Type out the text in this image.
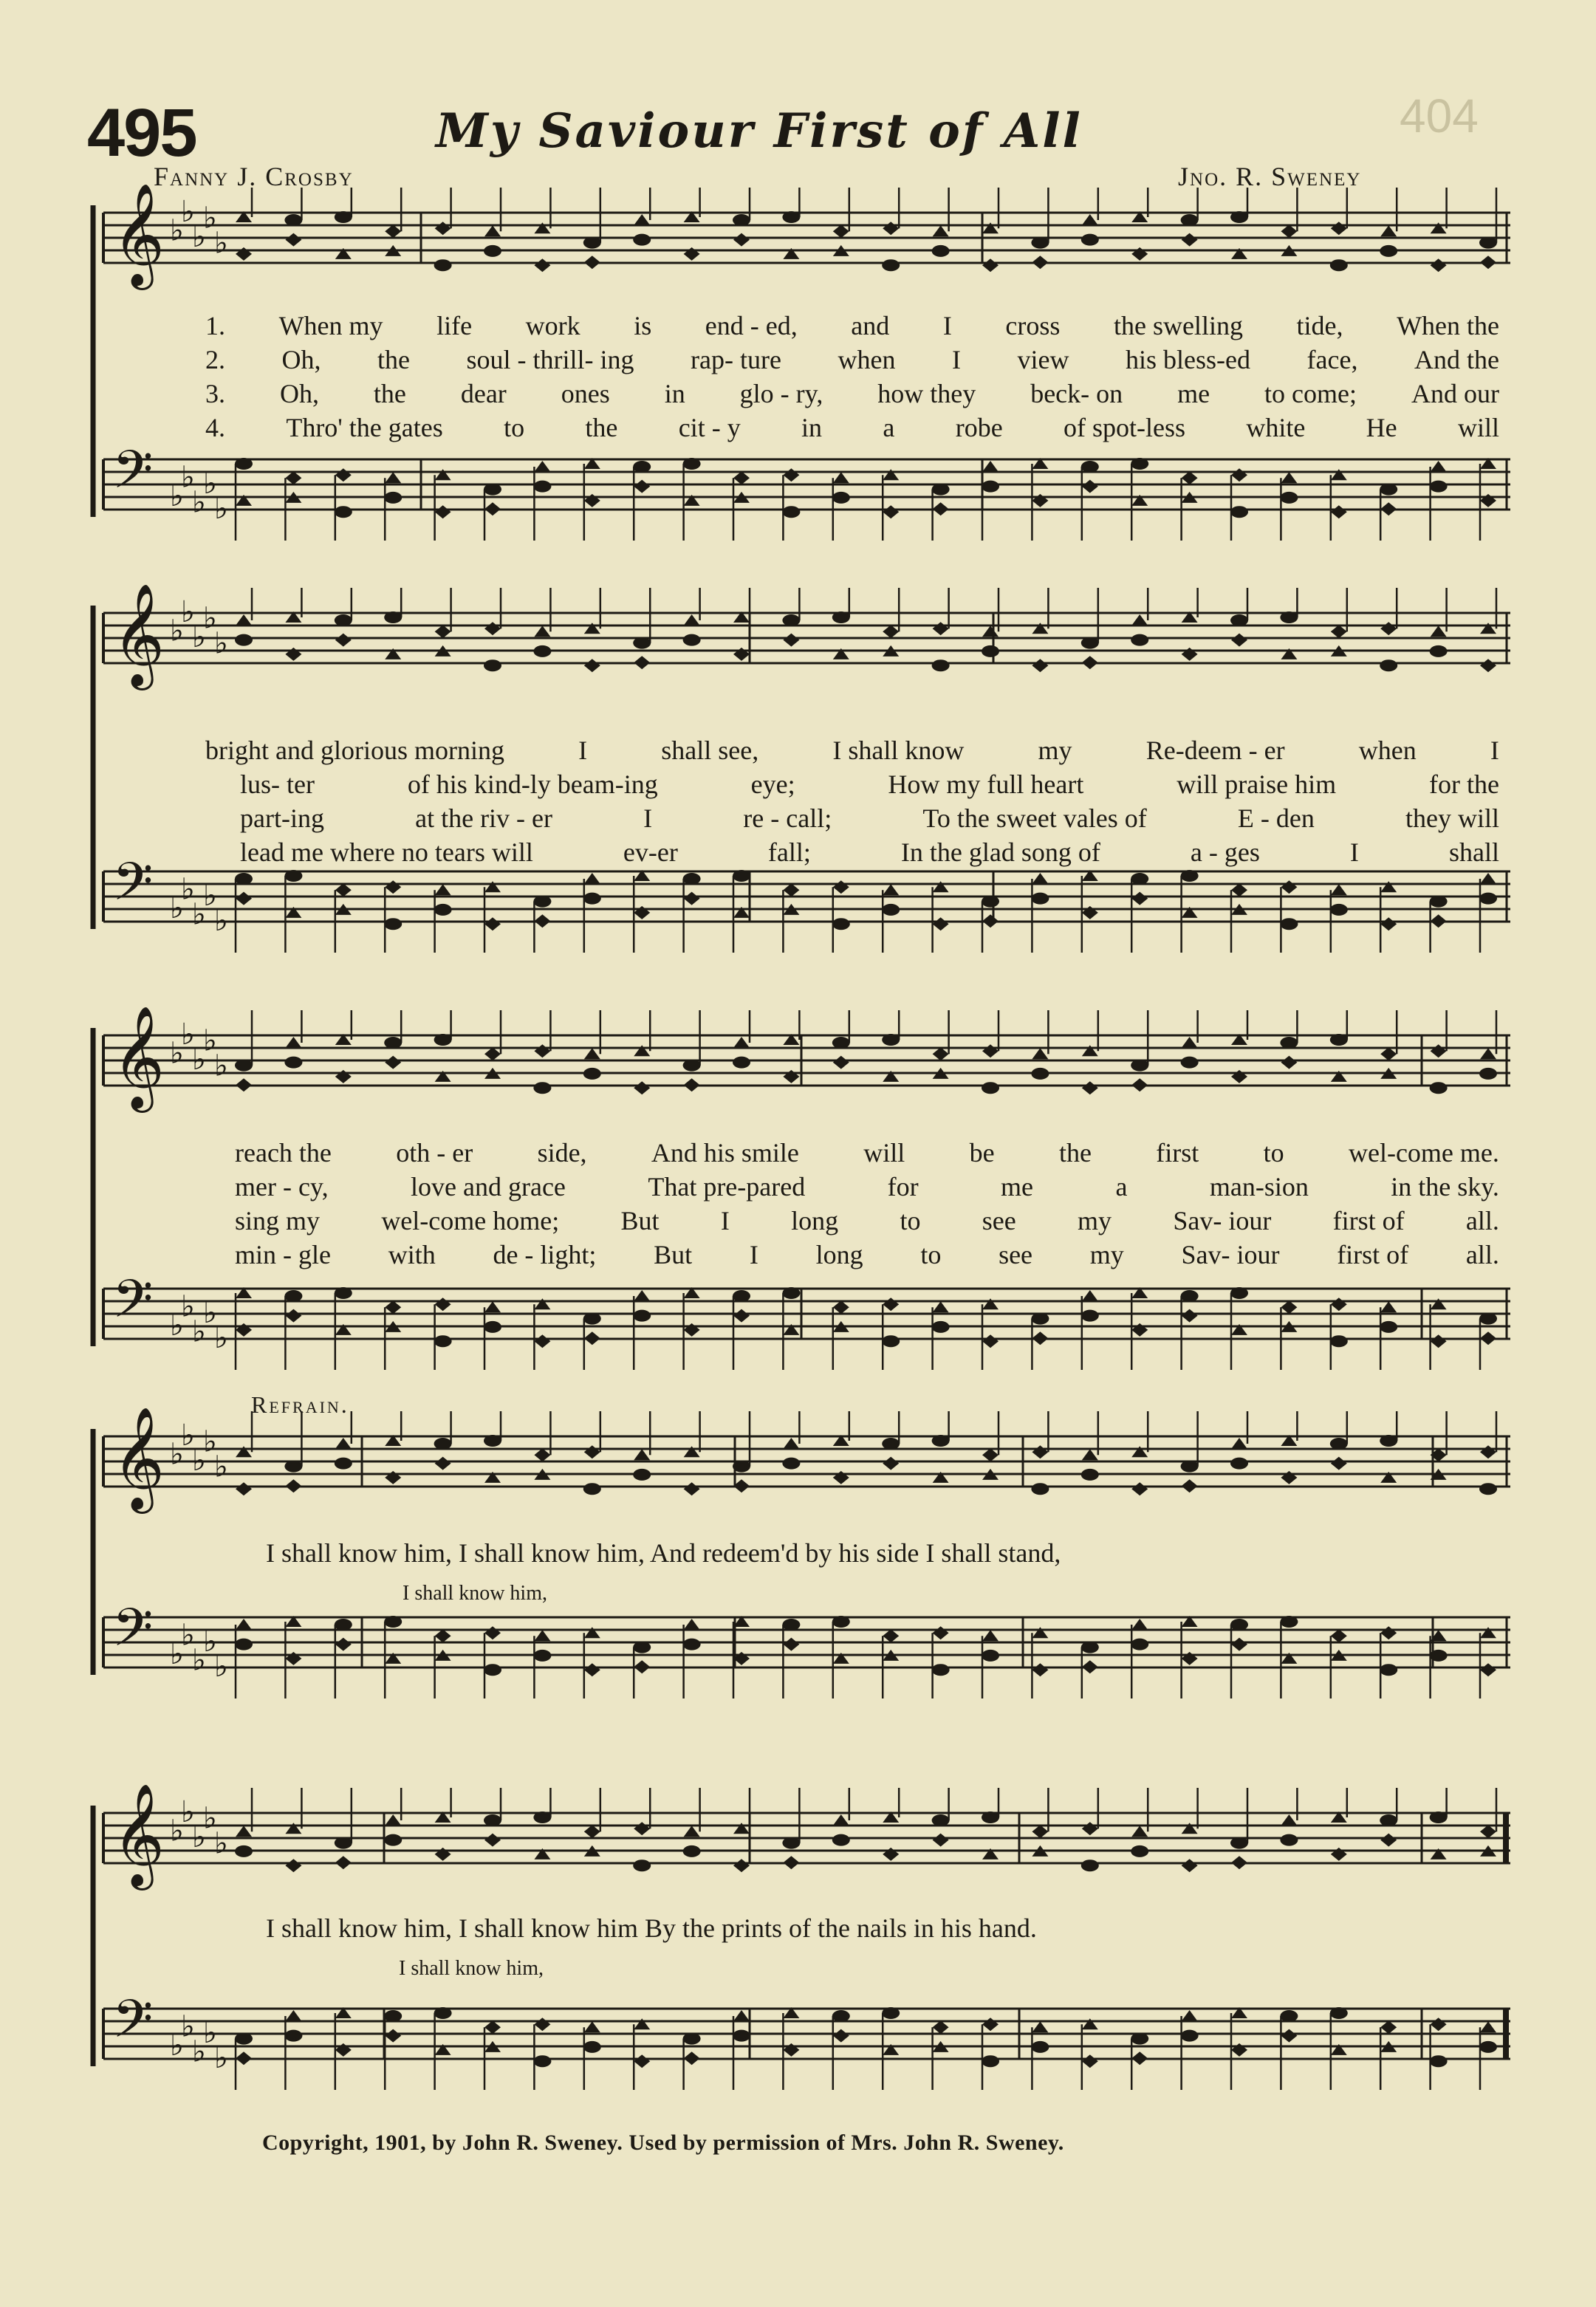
495	My Saviour First of All	404
Fanny J. Crosby	Jno. R. Sweney
𝄞 ♭
♭
♭
♭
♭
𝄢 ♭
♭
♭
♭
♭
𝄞 ♭
♭
♭
♭
♭
𝄢 ♭
♭
♭
♭
♭
𝄞 ♭
♭
♭
♭
♭
𝄢 ♭
♭
♭
♭
♭
𝄞 ♭
♭
♭
♭
♭
𝄢 ♭
♭
♭
♭
♭
𝄞 ♭
♭
♭
♭
♭
𝄢 ♭
♭
♭
♭
♭
1. When my life work is end - ed, and I cross the swelling tide, When the
2. Oh, the soul - thrill- ing rap- ture when I view his bless-ed face, And the
3. Oh, the dear ones in glo - ry, how they beck- on me to come; And our
4. Thro' the gates to the cit - y in a robe of spot-less white He will
bright and glorious morning	I	shall see,	I shall know	my	Re-deem - er	when	I
lus- ter	of his kind-ly beam-ing	eye;	How my full heart	will praise him	for the
part-ing	at the riv - er	I	re - call;	To the sweet vales of	E - den	they will
lead me where no tears will	ev-er	fall;	In the glad song of	a - ges	I	shall
reach the oth - er side, And his smile will be the first to wel-come me.
mer - cy,	love and grace	That pre-pared	for	me	a	man-sion	in the sky.
sing my wel-come home; But I long to see my Sav- iour first of all.
min - gle with de - light; But I long to see my Sav- iour first of all.
Refrain.
I shall know him, I shall know him, And redeem'd by his side I shall stand,
I shall know him,
I shall know him, I shall know him By the prints of the nails in his hand.
I shall know him,
Copyright, 1901, by John R. Sweney. Used by permission of Mrs. John R. Sweney.
